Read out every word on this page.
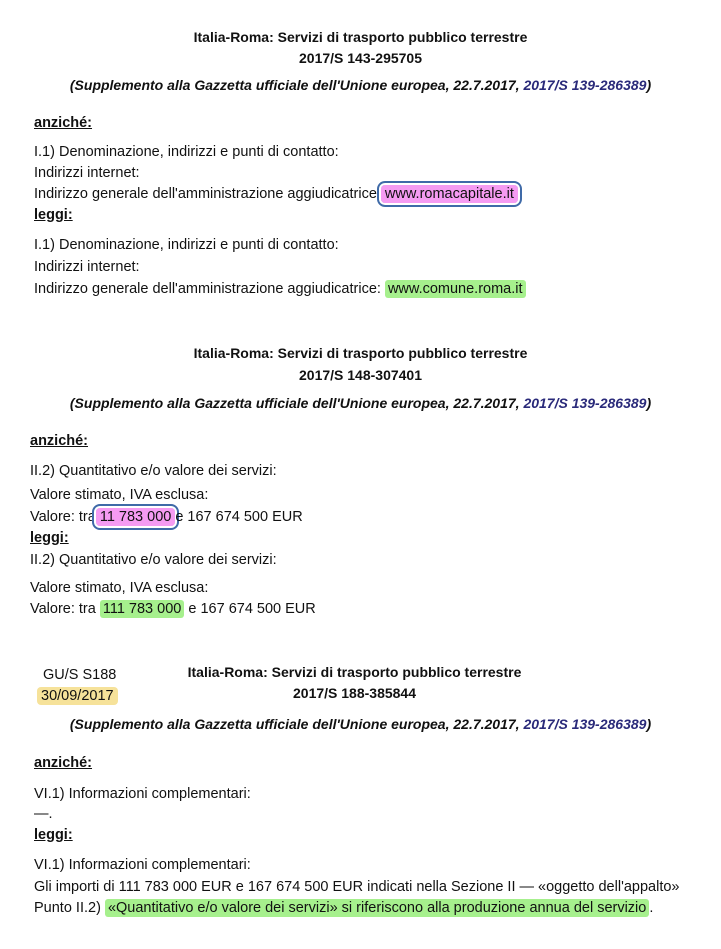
Italia-Roma: Servizi di trasporto pubblico terrestre
2017/S 143-295705
(Supplemento alla Gazzetta ufficiale dell'Unione europea, 22.7.2017, 2017/S 139-286389)
anziché:
I.1) Denominazione, indirizzi e punti di contatto:
Indirizzi internet:
Indirizzo generale dell'amministrazione aggiudicatrice www.romacapitale.it
leggi:
I.1) Denominazione, indirizzi e punti di contatto:
Indirizzi internet:
Indirizzo generale dell'amministrazione aggiudicatrice: www.comune.roma.it
Italia-Roma: Servizi di trasporto pubblico terrestre
2017/S 148-307401
(Supplemento alla Gazzetta ufficiale dell'Unione europea, 22.7.2017, 2017/S 139-286389)
anziché:
II.2) Quantitativo e/o valore dei servizi:
Valore stimato, IVA esclusa:
Valore: tra 11 783 000 e 167 674 500 EUR
leggi:
II.2) Quantitativo e/o valore dei servizi:
Valore stimato, IVA esclusa:
Valore: tra 111 783 000 e 167 674 500 EUR
GU/S S188
30/09/2017
Italia-Roma: Servizi di trasporto pubblico terrestre
2017/S 188-385844
(Supplemento alla Gazzetta ufficiale dell'Unione europea, 22.7.2017, 2017/S 139-286389)
anziché:
VI.1) Informazioni complementari:
—.
leggi:
VI.1) Informazioni complementari:
Gli importi di 111 783 000 EUR e 167 674 500 EUR indicati nella Sezione II — «oggetto dell'appalto»
Punto II.2) «Quantitativo e/o valore dei servizi» si riferiscono alla produzione annua del servizio .
